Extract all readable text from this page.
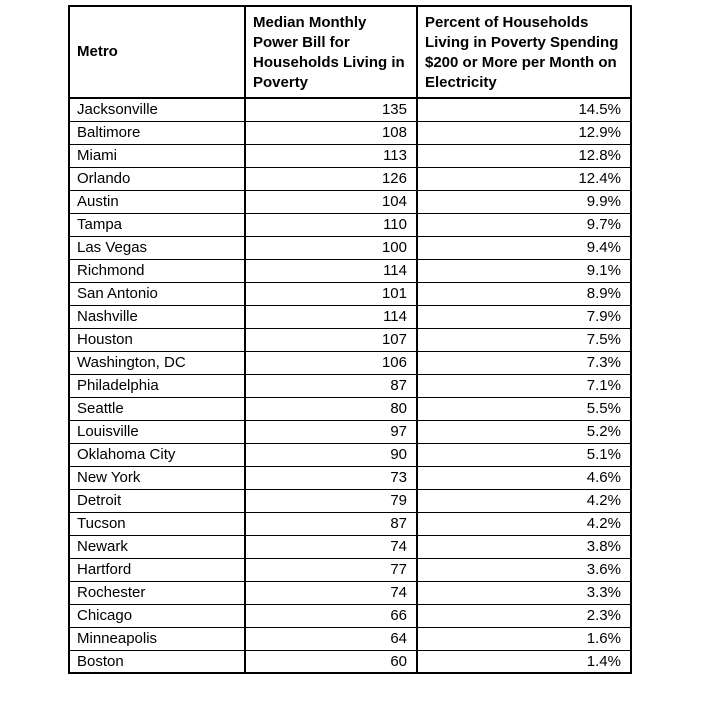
Metro	Median Monthly Power Bill for Households Living in Poverty	Percent of Households Living in Poverty Spending $200 or More per Month on Electricity
Jacksonville	135	14.5%
Baltimore	108	12.9%
Miami	113	12.8%
Orlando	126	12.4%
Austin	104	9.9%
Tampa	110	9.7%
Las Vegas	100	9.4%
Richmond	114	9.1%
San Antonio	101	8.9%
Nashville	114	7.9%
Houston	107	7.5%
Washington, DC	106	7.3%
Philadelphia	87	7.1%
Seattle	80	5.5%
Louisville	97	5.2%
Oklahoma City	90	5.1%
New York	73	4.6%
Detroit	79	4.2%
Tucson	87	4.2%
Newark	74	3.8%
Hartford	77	3.6%
Rochester	74	3.3%
Chicago	66	2.3%
Minneapolis	64	1.6%
Boston	60	1.4%
